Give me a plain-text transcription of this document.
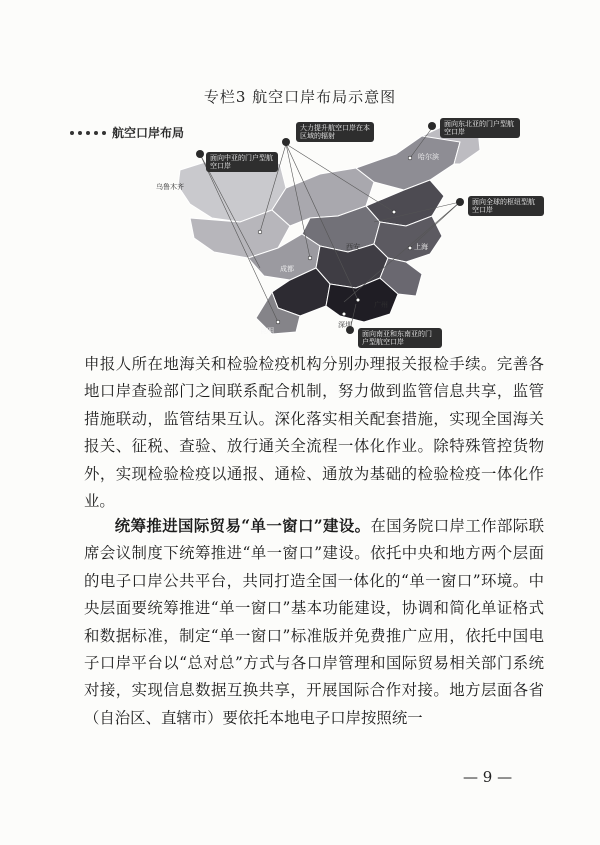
专栏3 航空口岸布局示意图
航空口岸布局	大力提升航空口岸在本区域的辐射
面向东北亚的门户型航空口岸
面向中亚的门户型航空口岸
面向全球的枢纽型航空口岸
面向南亚和东南亚的门户型航空口岸
乌鲁木齐
哈尔滨
西安
成都
昆明
上海
广州
深圳
申报人所在地海关和检验检疫机构分别办理报关报检手续。完善各地口岸查验部门之间联系配合机制，努力做到监管信息共享，监管措施联动，监管结果互认。深化落实相关配套措施，实现全国海关报关、征税、查验、放行通关全流程一体化作业。除特殊管控货物外，实现检验检疫以通报、通检、通放为基础的检验检疫一体化作业。
统筹推进国际贸易“单一窗口”建设。在国务院口岸工作部际联席会议制度下统筹推进“单一窗口”建设。依托中央和地方两个层面的电子口岸公共平台，共同打造全国一体化的“单一窗口”环境。中央层面要统筹推进“单一窗口”基本功能建设，协调和简化单证格式和数据标准，制定“单一窗口”标准版并免费推广应用，依托中国电子口岸平台以“总对总”方式与各口岸管理和国际贸易相关部门系统对接，实现信息数据互换共享，开展国际合作对接。地方层面各省（自治区、直辖市）要依托本地电子口岸按照统一
— 9 —
